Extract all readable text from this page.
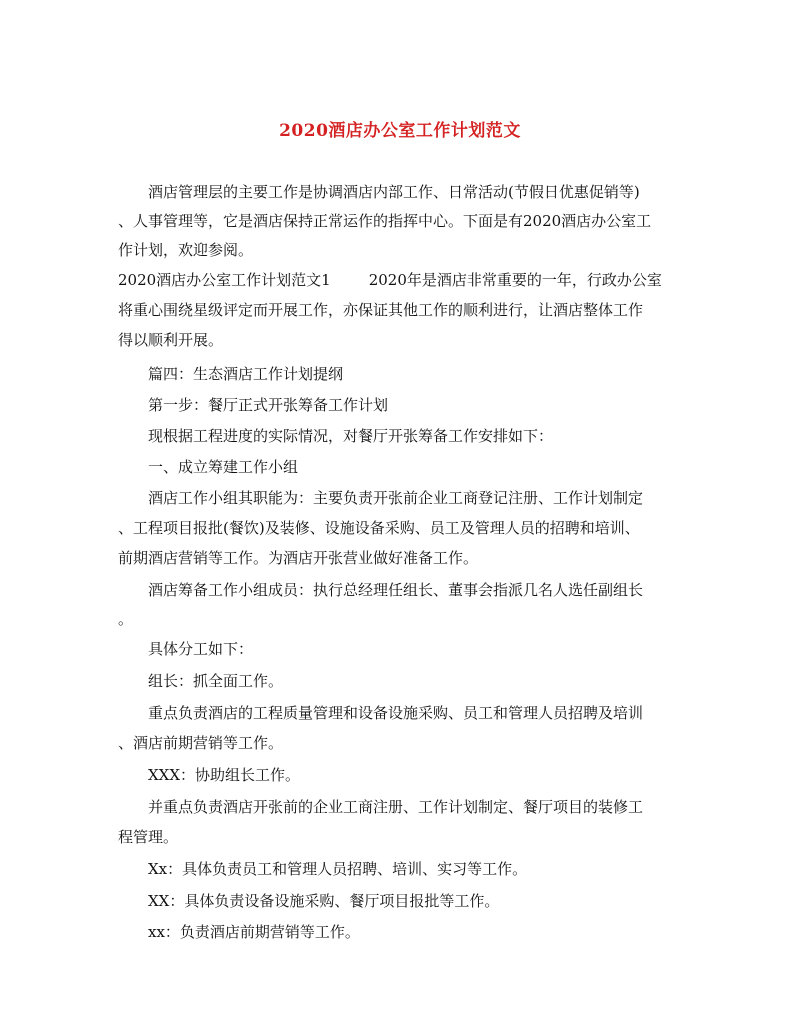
2020酒店办公室工作计划范文

酒店管理层的主要工作是协调酒店内部工作、日常活动(节假日优惠促销等)

、人事管理等，它是酒店保持正常运作的指挥中心。下面是有2020酒店办公室工

作计划，欢迎参阅。

2020酒店办公室工作计划范文1	2020年是酒店非常重要的一年，行政办公室

将重心围绕星级评定而开展工作，亦保证其他工作的顺利进行，让酒店整体工作

得以顺利开展。

篇四：生态酒店工作计划提纲

第一步：餐厅正式开张筹备工作计划

现根据工程进度的实际情况，对餐厅开张筹备工作安排如下：

一、成立筹建工作小组

酒店工作小组其职能为：主要负责开张前企业工商登记注册、工作计划制定

、工程项目报批(餐饮)及装修、设施设备采购、员工及管理人员的招聘和培训、

前期酒店营销等工作。为酒店开张营业做好准备工作。

酒店筹备工作小组成员：执行总经理任组长、董事会指派几名人选任副组长

。

具体分工如下：

组长：抓全面工作。

重点负责酒店的工程质量管理和设备设施采购、员工和管理人员招聘及培训

、酒店前期营销等工作。

XXX：协助组长工作。

并重点负责酒店开张前的企业工商注册、工作计划制定、餐厅项目的装修工

程管理。

Xx：具体负责员工和管理人员招聘、培训、实习等工作。

XX：具体负责设备设施采购、餐厅项目报批等工作。

xx：负责酒店前期营销等工作。
